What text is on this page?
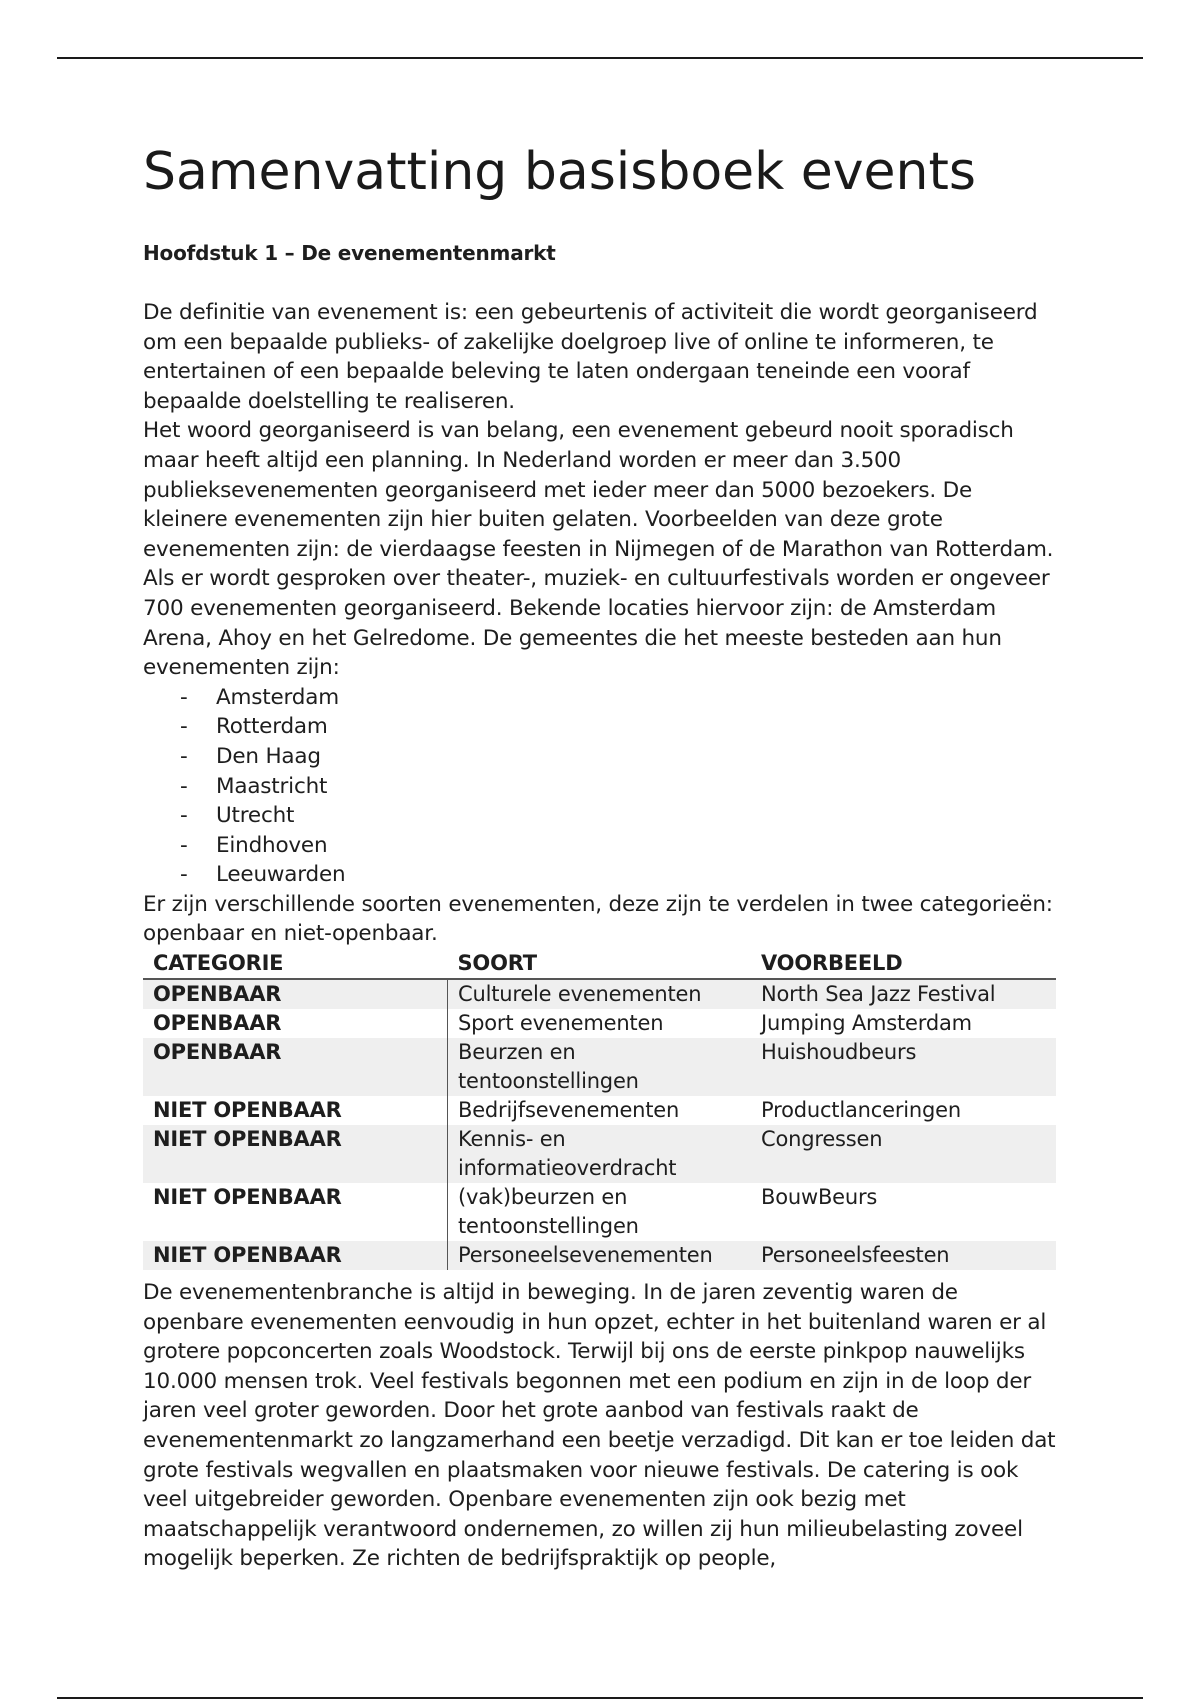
Samenvatting basisboek events
Hoofdstuk 1 – De evenementenmarkt

De definitie van evenement is: een gebeurtenis of activiteit die wordt georganiseerd om een bepaalde publieks- of zakelijke doelgroep live of online te informeren, te entertainen of een bepaalde beleving te laten ondergaan teneinde een vooraf bepaalde doelstelling te realiseren.

Het woord georganiseerd is van belang, een evenement gebeurd nooit sporadisch maar heeft altijd een planning. In Nederland worden er meer dan 3.500 publieksevenementen georganiseerd met ieder meer dan 5000 bezoekers. De kleinere evenementen zijn hier buiten gelaten. Voorbeelden van deze grote evenementen zijn: de vierdaagse feesten in Nijmegen of de Marathon van Rotterdam. Als er wordt gesproken over theater-, muziek- en cultuurfestivals worden er ongeveer 700 evenementen georganiseerd. Bekende locaties hiervoor zijn: de Amsterdam Arena, Ahoy en het Gelredome. De gemeentes die het meeste besteden aan hun evenementen zijn:

- Amsterdam
- Rotterdam
- Den Haag
- Maastricht
- Utrecht
- Eindhoven
- Leeuwarden

Er zijn verschillende soorten evenementen, deze zijn te verdelen in twee categorieën: openbaar en niet-openbaar.

CATEGORIE	SOORT	VOORBEELD
OPENBAAR	Culturele evenementen	North Sea Jazz Festival
OPENBAAR	Sport evenementen	Jumping Amsterdam
OPENBAAR	Beurzen en tentoonstellingen	Huishoudbeurs
NIET OPENBAAR	Bedrijfsevenementen	Productlanceringen
NIET OPENBAAR	Kennis- en informatieoverdracht	Congressen
NIET OPENBAAR	(vak)beurzen en tentoonstellingen	BouwBeurs
NIET OPENBAAR	Personeelsevenementen	Personeelsfeesten

De evenementenbranche is altijd in beweging. In de jaren zeventig waren de openbare evenementen eenvoudig in hun opzet, echter in het buitenland waren er al grotere popconcerten zoals Woodstock. Terwijl bij ons de eerste pinkpop nauwelijks 10.000 mensen trok. Veel festivals begonnen met een podium en zijn in de loop der jaren veel groter geworden. Door het grote aanbod van festivals raakt de evenementenmarkt zo langzamerhand een beetje verzadigd. Dit kan er toe leiden dat grote festivals wegvallen en plaatsmaken voor nieuwe festivals. De catering is ook veel uitgebreider geworden. Openbare evenementen zijn ook bezig met maatschappelijk verantwoord ondernemen, zo willen zij hun milieubelasting zoveel mogelijk beperken. Ze richten de bedrijfspraktijk op people,
